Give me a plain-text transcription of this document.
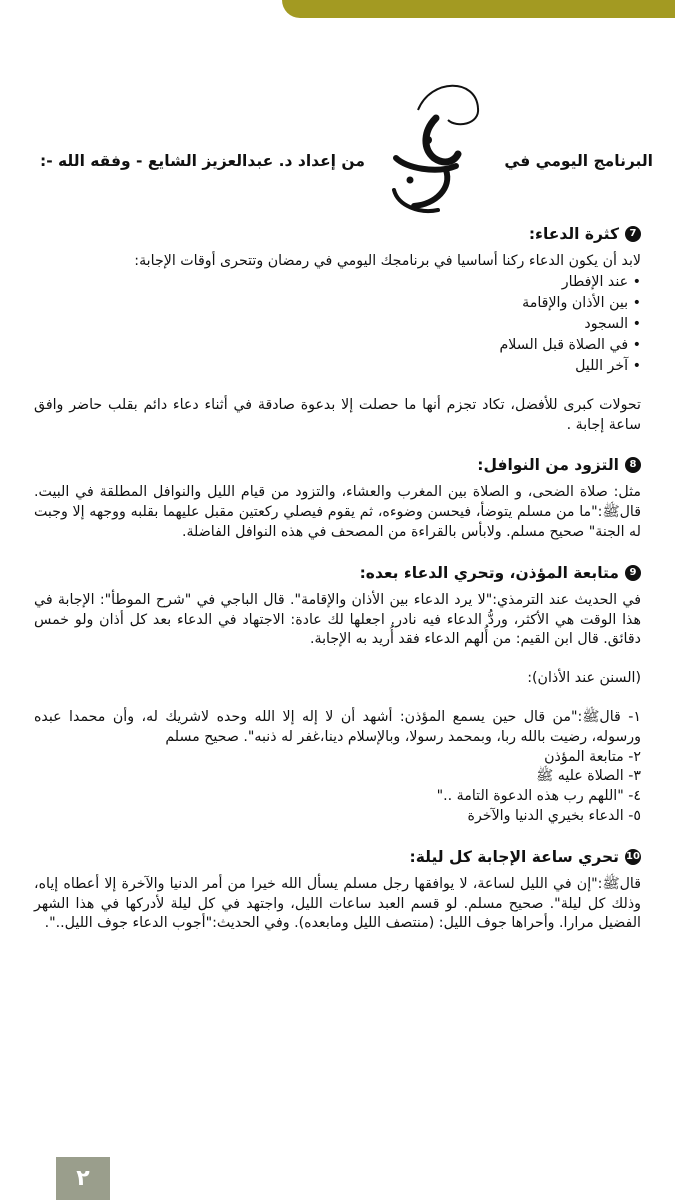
البرنامج اليومي في
من إعداد د. عبدالعزيز الشايع - وفقه الله -:
7
كثرة الدعاء:

لابد أن يكون الدعاء ركنا أساسيا في برنامجك اليومي في رمضان وتتحرى أوقات الإجابة:

• عند الإفطار
• بين الأذان والإقامة
• السجود
• في الصلاة قبل السلام
• آخر الليل

تحولات كبرى للأفضل، تكاد تجزم أنها ما حصلت إلا بدعوة صادقة في أثناء دعاء دائم بقلب حاضر وافق ساعة إجابة .

8
التزود من النوافل:

مثل: صلاة الضحى، و الصلاة بين المغرب والعشاء، والتزود من قيام الليل والنوافل المطلقة في البيت. قالﷺ:"ما من مسلم يتوضأ، فيحسن وضوءه، ثم يقوم فيصلي ركعتين مقبل عليهما بقلبه ووجهه إلا وجبت له الجنة" صحيح مسلم. ولابأس بالقراءة من المصحف في هذه النوافل الفاضلة.

9
متابعة المؤذن، وتحري الدعاء بعده:

في الحديث عند الترمذي:"لا يرد الدعاء بين الأذان والإقامة". قال الباجي في "شرح الموطأ": الإجابة في هذا الوقت هي الأكثر، وردُّ الدعاء فيه نادر. اجعلها لك عادة: الاجتهاد في الدعاء بعد كل أذان ولو خمس دقائق. قال ابن القيم: من أُلهم الدعاء فقد أُريد به الإجابة.

(السنن عند الأذان):

١- قالﷺ:"من قال حين يسمع المؤذن: أشهد أن لا إله إلا الله وحده لاشريك له، وأن محمدا عبده ورسوله، رضيت بالله ربا، وبمحمد رسولا، وبالإسلام دينا،غفر له ذنبه". صحيح مسلم

٢- متابعة المؤذن
٣- الصلاة عليه ﷺ
٤- "اللهم رب هذه الدعوة التامة .."
٥- الدعاء بخيري الدنيا والآخرة
10
تحري ساعة الإجابة كل ليلة:

قالﷺ:"إن في الليل لساعة، لا يوافقها رجل مسلم يسأل الله خيرا من أمر الدنيا والآخرة إلا أعطاه إياه، وذلك كل ليلة". صحيح مسلم. لو قسم العبد ساعات الليل، واجتهد في كل ليلة لأدركها في هذا الشهر الفضيل مرارا. وأحراها جوف الليل: (منتصف الليل ومابعده). وفي الحديث:"أجوب الدعاء جوف الليل..".

٢
